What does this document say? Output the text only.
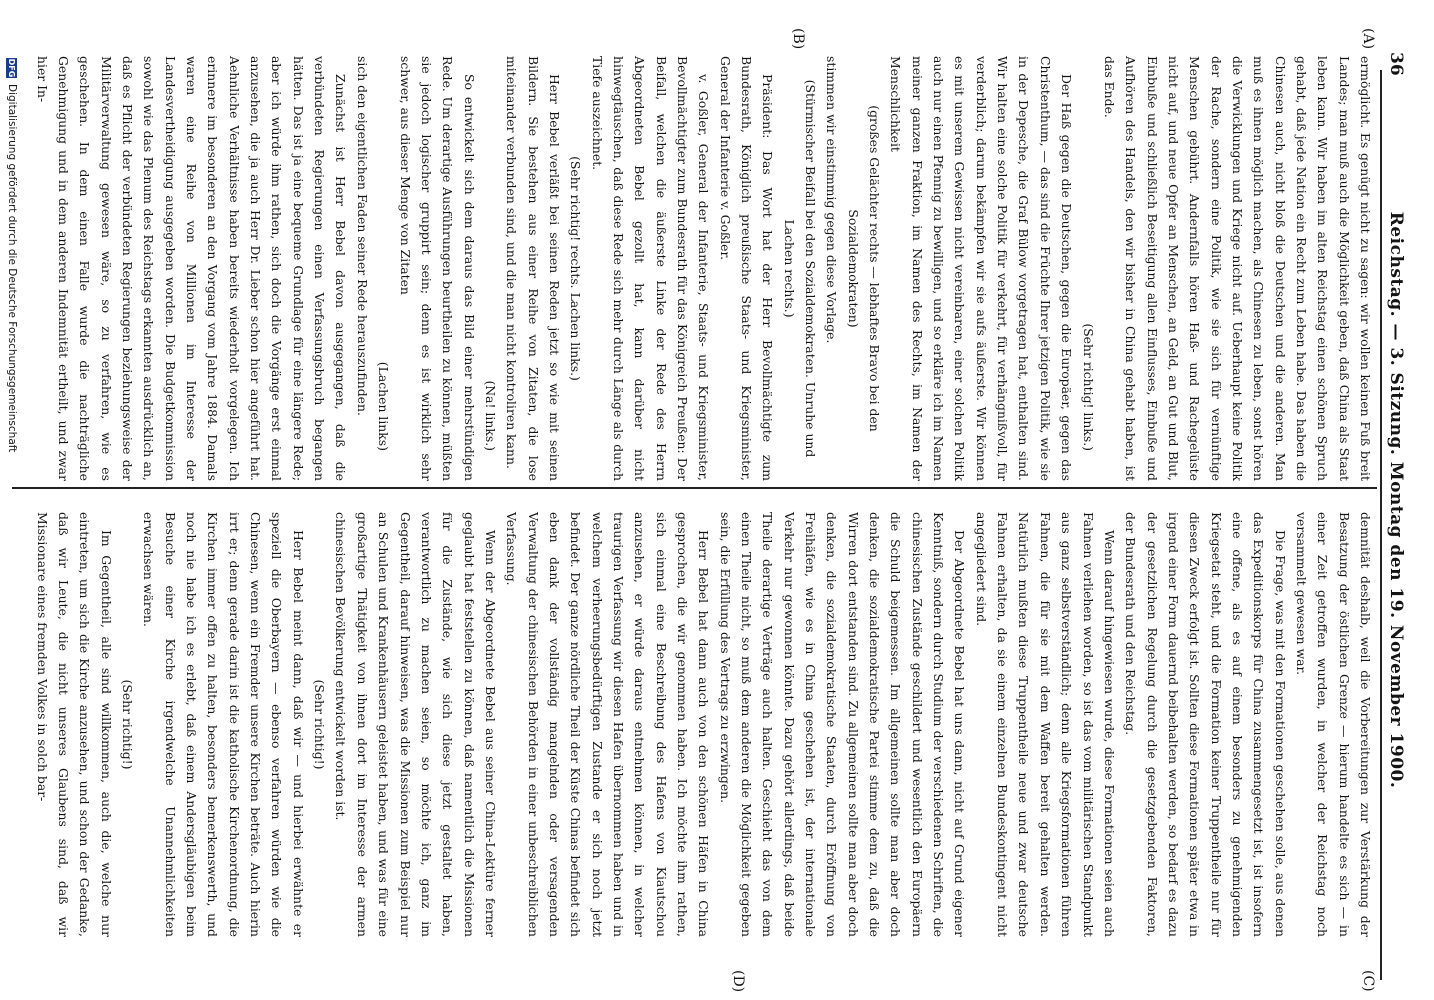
36
Reichstag. — 3. Sitzung. Montag den 19. November 1900.
(A)
(B)
(C)
(D)

ermöglicht. Es genügt nicht zu sagen: wir wollen keinen Fuß breit Landes; man muß auch die Möglichkeit geben, daß China als Staat leben kann. Wir haben im alten Reichstag einen schönen Spruch gehabt, daß jede Nation ein Recht zum Leben habe. Das haben die Chinesen auch, nicht bloß die Deutschen und die anderen. Man muß es ihnen möglich machen, als Chinesen zu leben, sonst hören die Verwicklungen und Kriege nicht auf. Ueberhaupt keine Politik der Rache, sondern eine Politik, wie sie sich für vernünftige Menschen gebührt. Andernfalls hören Haß- und Rachegelüste nicht auf, und neue Opfer an Menschen, an Geld, an Gut und Blut, Einbuße und schließlich Beseitigung allen Einflusses, Einbuße und Aufhören des Handels, den wir bisher in China gehabt haben, ist das Ende.

(Sehr richtig! links.)

Der Haß gegen die Deutschen, gegen die Europäer, gegen das Christenthum, — das sind die Früchte Ihrer jetzigen Politik, wie sie in der Depesche, die Graf Bülow vorgetragen hat, enthalten sind. Wir halten eine solche Politik für verkehrt, für verhängnißvoll, für verderblich; darum bekämpfen wir sie aufs äußerste. Wir können es mit unserem Gewissen nicht vereinbaren, einer solchen Politik auch nur einen Pfennig zu bewilligen, und so erkläre ich im Namen meiner ganzen Fraktion, im Namen des Rechts, im Namen der Menschlichkeit

(großes Gelächter rechts — lebhaftes Bravo bei den Sozialdemokraten)

stimmen wir einstimmig gegen diese Vorlage.

(Stürmischer Beifall bei den Sozialdemokraten. Unruhe und Lachen rechts.)

Präsident: Das Wort hat der Herr Bevollmächtigte zum Bundesrath, Königlich preußische Staats- und Kriegsminister, General der Infanterie v. Goßler.

v. Goßler, General der Infanterie, Staats- und Kriegsminister, Bevollmächtigter zum Bundesrath für das Königreich Preußen: Der Beifall, welchen die äußerste Linke der Rede des Herrn Abgeordneten Bebel gezollt hat, kann darüber nicht hinwegtäuschen, daß diese Rede sich mehr durch Länge als durch Tiefe auszeichnet.

(Sehr richtig! rechts. Lachen links.)

Herr Bebel verläßt bei seinen Reden jetzt so wie mit seinen Bildern. Sie bestehen aus einer Reihe von Zitaten, die lose miteinander verbunden sind, und die man nicht kontroliren kann.

(Na! links.)

So entwickelt sich dem daraus das Bild einer mehrstündigen Rede. Um derartige Ausführungen beurtheilen zu können, müßten sie jedoch logischer gruppirt sein; denn es ist wirklich sehr schwer, aus dieser Menge von Zitaten

(Lachen links)

sich den eigentlichen Faden seiner Rede herauszufinden.

Zunächst ist Herr Bebel davon ausgegangen, daß die verbündeten Regierungen einen Verfassungsbruch begangen hätten. Das ist ja eine bequeme Grundlage für eine längere Rede; aber ich würde ihm rathen, sich doch die Vorgänge erst einmal anzusehen, die ja auch Herr Dr. Lieber schon hier angeführt hat. Aehnliche Verhältnisse haben bereits wiederholt vorgelegen. Ich erinnere im besonderen an den Vorgang vom Jahre 1884. Damals waren eine Reihe von Millionen im Interesse der Landesvertheidigung ausgegeben worden. Die Budgetkommission sowohl wie das Plenum des Reichstags erkannten ausdrücklich an, daß es Pflicht der verbündeten Regierungen beziehungsweise der Militärverwaltung gewesen wäre, so zu verfahren, wie es geschehen. In dem einen Falle wurde die nachträgliche Genehmigung und in dem anderen Indemnität ertheilt, und zwar hier In-

demnität deshalb, weil die Vorbereitungen zur Verstärkung der Besatzung der östlichen Grenze — hierum handelte es sich — in einer Zeit getroffen wurden, in welcher der Reichstag noch versammelt gewesen war.

Die Frage, was mit den Formationen geschehen solle, aus denen das Expeditionskorps für China zusammengesetzt ist, ist insofern eine offene, als es auf einem besonders zu genehmigenden Kriegsetat steht, und die Formation keiner Truppentheile nur für diesen Zweck erfolgt ist. Sollten diese Formationen später etwa in irgend einer Form dauernd beibehalten werden, so bedarf es dazu der gesetzlichen Regelung durch die gesetzgebenden Faktoren, der Bundesrath und den Reichstag.

Wenn darauf hingewiesen wurde, diese Formationen seien auch Fahnen verliehen worden, so ist das vom militärischen Standpunkt aus ganz selbstverständlich; denn alle Kriegsformationen führen Fahnen, die für sie mit dem Waffen bereit gehalten werden. Natürlich mußten diese Truppentheile neue und zwar deutsche Fahnen erhalten, da sie einem einzelnen Bundeskontingent nicht angegliedert sind.

Der Abgeordnete Bebel hat uns dann, nicht auf Grund eigener Kenntniß, sondern durch Studium der verschiedenen Schriften, die chinesischen Zustände geschildert und wesentlich den Europäern die Schuld beigemessen. Im allgemeinen sollte man aber doch denken, die sozialdemokratische Partei stimme dem zu, daß die Wirren dort entstanden sind. Zu allgemeinen sollte man aber doch denken, die sozialdemokratische Staaten, durch Eröffnung von Freihäfen, wie es in China geschehen ist, der internationale Verkehr nur gewonnen könnte. Dazu gehört allerdings, daß beide Theile derartige Verträge auch halten. Geschieht das von dem einen Theile nicht, so muß dem anderen die Möglichkeit gegeben sein, die Erfüllung des Vertrags zu erzwingen.

Herr Bebel hat dann auch von den schönen Häfen in China gesprochen, die wir genommen haben. Ich möchte ihm rathen, sich einmal eine Beschreibung des Hafens von Kiautschou anzusehen, er würde daraus entnehmen können, in welcher traurigen Verfassung wir diesen Hafen übernommen haben und in welchem verheerungsbedürftigen Zustande er sich noch jetzt befindet. Der ganze nördliche Theil der Küste Chinas befindet sich eben dank der vollständig mangelnden oder versagenden Verwaltung der chinesischen Behörden in einer unbeschreiblichen Verfassung.

Wenn der Abgeordnete Bebel aus seiner China-Lektüre ferner geglaubt hat feststellen zu können, daß namentlich die Missionen für die Zustände, wie sich diese jetzt gestaltet haben, verantwortlich zu machen seien, so möchte ich, ganz im Gegentheil, darauf hinweisen, was die Missionen zum Beispiel nur an Schulen und Krankenhäusern geleistet haben, und was für eine großartige Thätigkeit von ihnen dort im Interesse der armen chinesischen Bevölkerung entwickelt worden ist.

(Sehr richtig!)

Herr Bebel meint dann, daß wir — und hierbei erwähnte er speziell die Oberbayern — ebenso verfahren würden wie die Chinesen, wenn ein Fremder unsere Kirchen beträte. Auch hierin irrt er; denn gerade darin ist die katholische Kirchenordnung, die Kirchen immer offen zu halten, besonders bemerkenswerth, und noch nie habe ich es erlebt, daß einem Andersgläubigen beim Besuche einer Kirche irgendwelche Unannehmlichkeiten erwachsen wären.

(Sehr richtig!)

Im Gegentheil, alle sind willkommen, auch die, welche nur eintreten, um sich die Kirche anzusehen, und schon der Gedanke, daß wir Leute, die nicht unseres Glaubens sind, daß wir Missionare eines fremden Volkes in solch bar-

DFGDigitalisierung gefördert durch die Deutsche Forschungsgemeinschaft
